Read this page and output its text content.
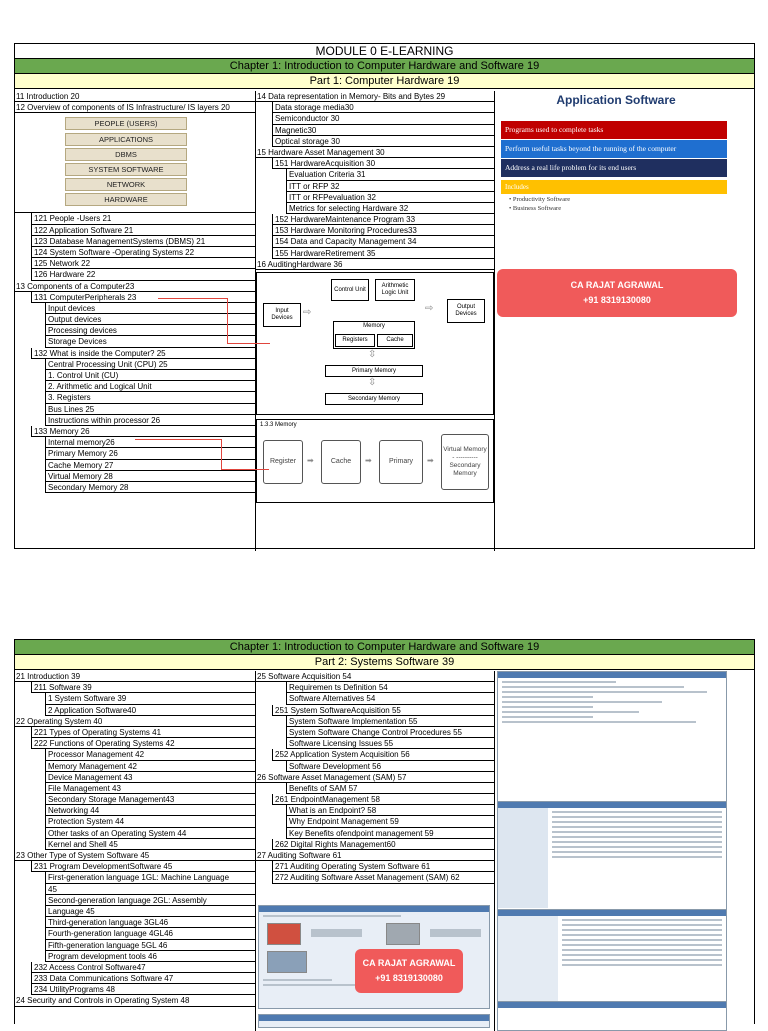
MODULE 0 E-LEARNING
Chapter 1: Introduction to Computer Hardware and Software 19
Part 1: Computer Hardware 19
11 Introduction 20
12 Overview of components of IS Infrastructure/ IS layers 20
PEOPLE (USERS)
APPLICATIONS
DBMS
SYSTEM SOFTWARE
NETWORK
HARDWARE
121 People -Users 21
122 Application Software 21
123 Database ManagementSystems (DBMS) 21
124 System Software -Operating Systems 22
125 Network 22
126 Hardware 22
13 Components of a Computer23
131 ComputerPeripherals 23
Input devices
Output devices
Processing devices
Storage Devices
132 What is inside the Computer? 25
Central Processing Unit (CPU) 25
1. Control Unit (CU)
2. Arithmetic and Logical Unit
3. Registers
Bus Lines 25
Instructions within processor 26
133 Memory 26
Internal memory26
Primary Memory 26
Cache Memory 27
Virtual Memory 28
Secondary Memory 28
14 Data representation in Memory- Bits and Bytes 29
Data storage media30
Semiconductor 30
Magnetic30
Optical storage 30
15 Hardware Asset Management 30
151 HardwareAcquisition 30
Evaluation Criteria 31
ITT or RFP 32
ITT or RFPevaluation 32
Metrics for selecting Hardware 32
152 HardwareMaintenance Program 33
153 Hardware Monitoring Procedures33
154 Data and Capacity Management 34
155 HardwareRetirement 35
16 AuditingHardware 36
Control Unit
Arithmetic Logic Unit
Input Devices	⇨	Output Devices
⇨
Memory
Registers	Cache
⇳
Primary Memory
⇳
Secondary Memory
1.3.3 Memory
Register	➡	Cache	➡	Primary	➡
Virtual Memory - ---------- Secondary Memory
Application Software
Programs used to complete tasks
Perform useful tasks beyond the running of the computer
Address a real life problem for its end users
Includes
• Productivity Software
• Business Software
CA RAJAT AGRAWAL
+91 8319130080
Chapter 1: Introduction to Computer Hardware and Software 19
Part 2: Systems Software 39
21 Introduction 39
211 Software 39
1 System Software 39
2 Application Software40
22 Operating System 40
221 Types of Operating Systems 41
222 Functions of Operating Systems 42
Processor Management 42
Memory Management 42
Device Management 43
File Management 43
Secondary Storage Management43
Networking 44
Protection System 44
Other tasks of an Operating System 44
Kernel and Shell 45
23 Other Type of System Software 45
231 Program DevelopmentSoftware 45
First-generation language 1GL: Machine Language
45
Second-generation language 2GL: Assembly
Language 45
Third-generation language 3GL46
Fourth-generation language 4GL46
Fifth-generation language 5GL 46
Program development tools 46
232 Access Control Software47
233 Data Communications Software 47
234 UtilityPrograms 48
24 Security and Controls in Operating System 48
25 Software Acquisition 54
Requiremen ts Definition 54
Software Alternatives 54
251 System SoftwareAcquisition 55
System Software Implementation 55
System Software Change Control Procedures 55
Software Licensing Issues 55
252 Application System Acquisition 56
Software Development 56
26 Software Asset Management (SAM) 57
Benefits of SAM 57
261 EndpointManagement 58
What is an Endpoint? 58
Why Endpoint Management 59
Key Benefits ofendpoint management 59
262 Digital Rights Management60
27 Auditing Software 61
271 Auditing Operating System Software 61
272 Auditing Software Asset Management (SAM) 62
CA RAJAT AGRAWAL
+91 8319130080
